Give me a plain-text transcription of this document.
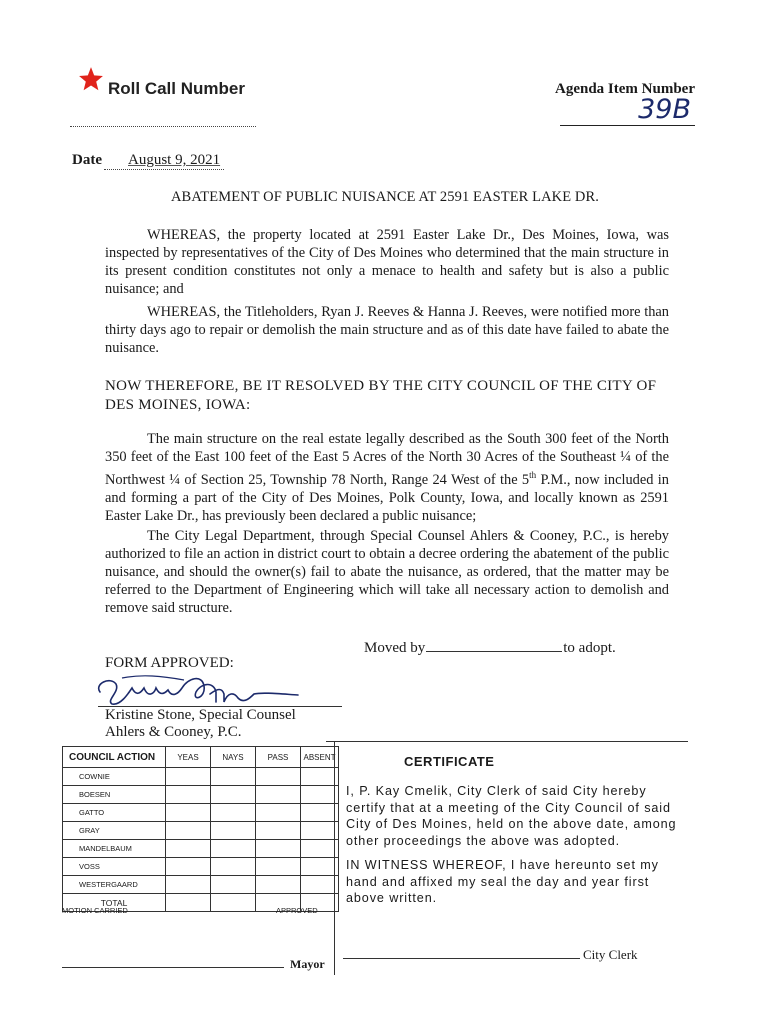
Roll Call Number	Agenda Item Number
39B
Date	August 9, 2021
ABATEMENT OF PUBLIC NUISANCE AT 2591 EASTER LAKE DR.

WHEREAS, the property located at 2591 Easter Lake Dr., Des Moines, Iowa, was inspected by representatives of the City of Des Moines who determined that the main structure in its present condition constitutes not only a menace to health and safety but is also a public nuisance; and

WHEREAS, the Titleholders, Ryan J. Reeves & Hanna J. Reeves, were notified more than thirty days ago to repair or demolish the main structure and as of this date have failed to abate the nuisance.

NOW THEREFORE, BE IT RESOLVED BY THE CITY COUNCIL OF THE CITY OF DES MOINES, IOWA:

The main structure on the real estate legally described as the South 300 feet of the North 350 feet of the East 100 feet of the East 5 Acres of the North 30 Acres of the Southeast ¼ of the Northwest ¼ of Section 25, Township 78 North, Range 24 West of the 5th P.M., now included in and forming a part of the City of Des Moines, Polk County, Iowa, and locally known as 2591 Easter Lake Dr., has previously been declared a public nuisance;

The City Legal Department, through Special Counsel Ahlers & Cooney, P.C., is hereby authorized to file an action in district court to obtain a decree ordering the abatement of the public nuisance, and should the owner(s) fail to abate the nuisance, as ordered, that the matter may be referred to the Department of Engineering which will take all necessary action to demolish and remove said structure.

Moved by	to adopt.
FORM APPROVED:
Kristine Stone, Special Counsel
Ahlers & Cooney, P.C.
COUNCIL ACTION	YEAS	NAYS	PASS	ABSENT
COWNIE				
BOESEN				
GATTO				
GRAY				
MANDELBAUM				
VOSS				
WESTERGAARD				
TOTAL				
MOTION CARRIED	APPROVED
Mayor
CERTIFICATE

I, P. Kay Cmelik, City Clerk of said City hereby certify that at a meeting of the City Council of said City of Des Moines, held on the above date, among other proceedings the above was adopted.

IN WITNESS WHEREOF, I have hereunto set my hand and affixed my seal the day and year first above written.

City Clerk
